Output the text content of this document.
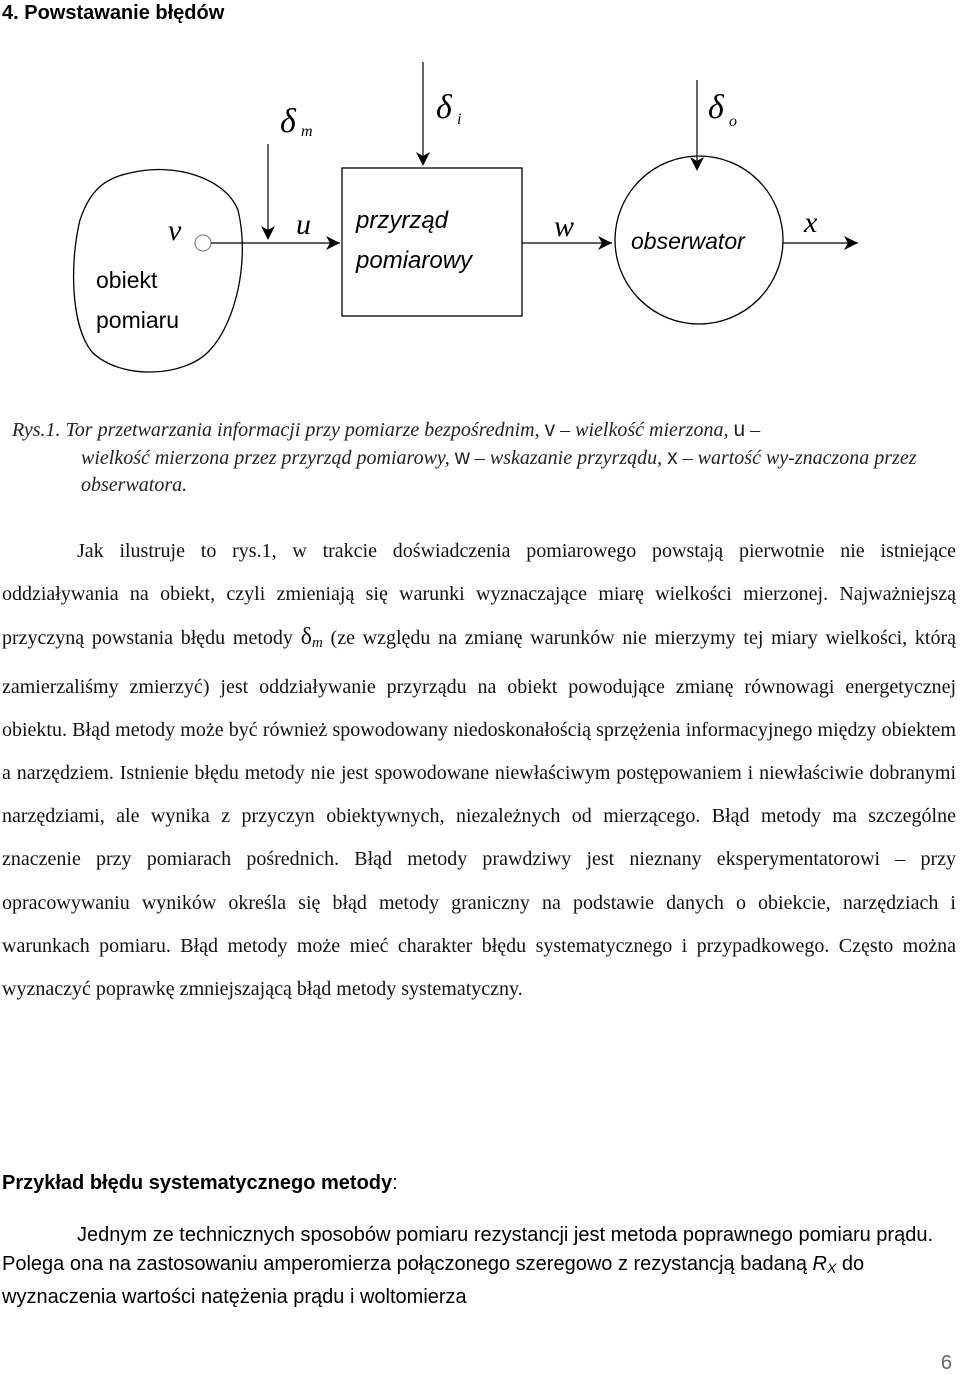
4. Powstawanie błędów
δ m
δ i	δ o
v	u	w	x
obiekt
pomiaru
przyrząd
pomiarowy
obserwator
Rys.1. Tor przetwarzania informacji przy pomiarze bezpośrednim, v – wielkość mierzona, u –
wielkość mierzona przez przyrząd pomiarowy, w – wskazanie przyrządu, x – wartość wy-znaczona przez obserwatora.
Jak ilustruje to rys.1, w trakcie doświadczenia pomiarowego powstają pierwotnie nie istniejące oddziaływania na obiekt, czyli zmieniają się warunki wyznaczające miarę wielkości mierzonej. Najważniejszą przyczyną powstania błędu metody $\delta_m$ (ze względu na zmianę warunków nie mierzymy tej miary wielkości, którą zamierzaliśmy zmierzyć) jest oddziaływanie przyrządu na obiekt powodujące zmianę równowagi energetycznej obiektu. Błąd metody może być również spowodowany niedoskonałością sprzężenia informacyjnego między obiektem a narzędziem. Istnienie błędu metody nie jest spowodowane niewłaściwym postępowaniem i niewłaściwie dobranymi narzędziami, ale wynika z przyczyn obiektywnych, niezależnych od mierzącego. Błąd metody ma szczególne znaczenie przy pomiarach pośrednich. Błąd metody prawdziwy jest nieznany eksperymentatorowi – przy opracowywaniu wyników określa się błąd metody graniczny na podstawie danych o obiekcie, narzędziach i warunkach pomiaru. Błąd metody może mieć charakter błędu systematycznego i przypadkowego. Często można wyznaczyć poprawkę zmniejszającą błąd metody systematyczny.
Przykład błędu systematycznego metody:
Jednym ze technicznych sposobów pomiaru rezystancji jest metoda poprawnego pomiaru prądu. Polega ona na zastosowaniu amperomierza połączonego szeregowo z rezystancją badaną $R_X$ do wyznaczenia wartości natężenia prądu i woltomierza
6
